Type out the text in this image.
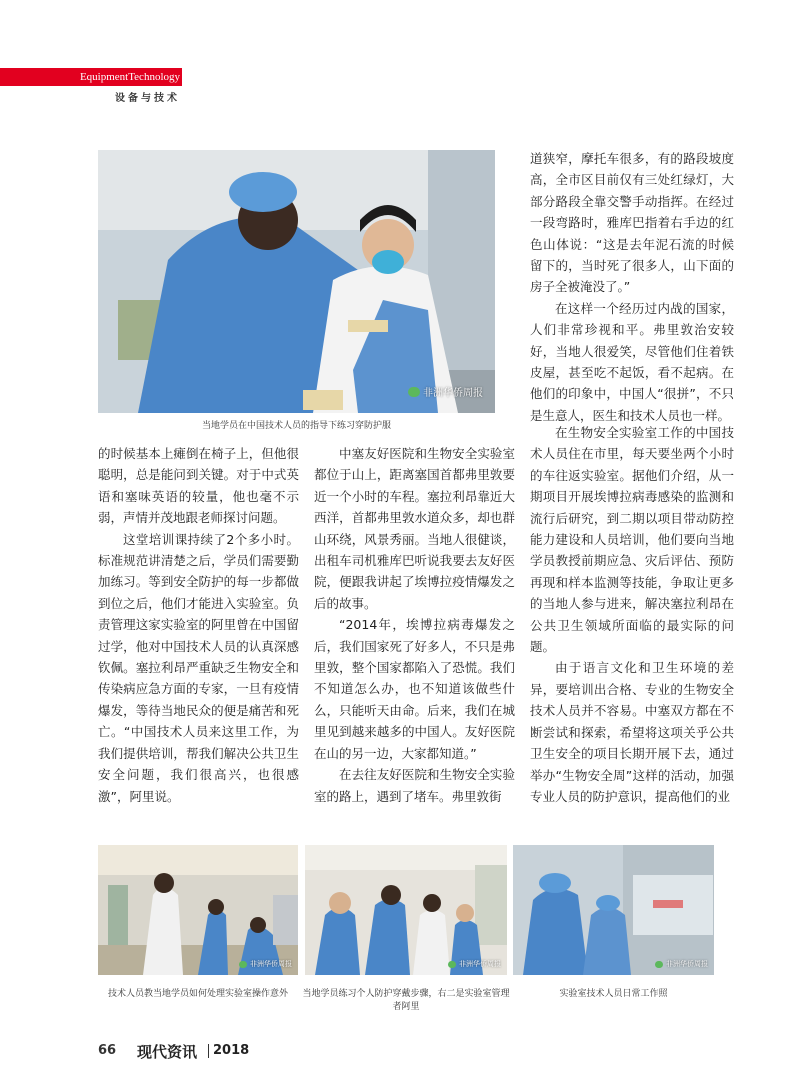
EquipmentTechnology
设备与技术
非洲华侨周报
当地学员在中国技术人员的指导下练习穿防护服

道狭窄，摩托车很多，有的路段坡度高，全市区目前仅有三处红绿灯，大部分路段全靠交警手动指挥。在经过一段弯路时，雅库巴指着右手边的红色山体说：“这是去年泥石流的时候留下的，当时死了很多人，山下面的房子全被淹没了。”

在这样一个经历过内战的国家，人们非常珍视和平。弗里敦治安较好，当地人很爱笑，尽管他们住着铁皮屋，甚至吃不起饭，看不起病。在他们的印象中，中国人“很拼”，不只是生意人，医生和技术人员也一样。

的时候基本上瘫倒在椅子上，但他很聪明，总是能问到关键。对于中式英语和塞味英语的较量，他也毫不示弱，声情并茂地跟老师探讨问题。

这堂培训课持续了2个多小时。标准规范讲清楚之后，学员们需要勤加练习。等到安全防护的每一步都做到位之后，他们才能进入实验室。负责管理这家实验室的阿里曾在中国留过学，他对中国技术人员的认真深感钦佩。塞拉利昂严重缺乏生物安全和传染病应急方面的专家，一旦有疫情爆发，等待当地民众的便是痛苦和死亡。“中国技术人员来这里工作，为我们提供培训，帮我们解决公共卫生安全问题，我们很高兴，也很感激”，阿里说。

中塞友好医院和生物安全实验室都位于山上，距离塞国首都弗里敦要近一个小时的车程。塞拉利昂靠近大西洋，首都弗里敦水道众多，却也群山环绕，风景秀丽。当地人很健谈，出租车司机雅库巴听说我要去友好医院，便跟我讲起了埃博拉疫情爆发之后的故事。

“2014年，埃博拉病毒爆发之后，我们国家死了好多人，不只是弗里敦，整个国家都陷入了恐慌。我们不知道怎么办，也不知道该做些什么，只能听天由命。后来，我们在城里见到越来越多的中国人。友好医院在山的另一边，大家都知道。”

在去往友好医院和生物安全实验室的路上，遇到了堵车。弗里敦街

在生物安全实验室工作的中国技术人员住在市里，每天要坐两个小时的车往返实验室。据他们介绍，从一期项目开展埃博拉病毒感染的监测和流行后研究，到二期以项目带动防控能力建设和人员培训，他们要向当地学员教授前期应急、灾后评估、预防再现和样本监测等技能，争取让更多的当地人参与进来，解决塞拉利昂在公共卫生领域所面临的最实际的问题。

由于语言文化和卫生环境的差异，要培训出合格、专业的生物安全技术人员并不容易。中塞双方都在不断尝试和探索，希望将这项关乎公共卫生安全的项目长期开展下去，通过举办“生物安全周”这样的活动，加强专业人员的防护意识，提高他们的业

非洲华侨周报	非洲华侨周报	非洲华侨周报
技术人员教当地学员如何处理实验室操作意外	当地学员练习个人防护穿戴步骤，右二是实验室管理者阿里
实验室技术人员日常工作照
66 现代资讯 2018
